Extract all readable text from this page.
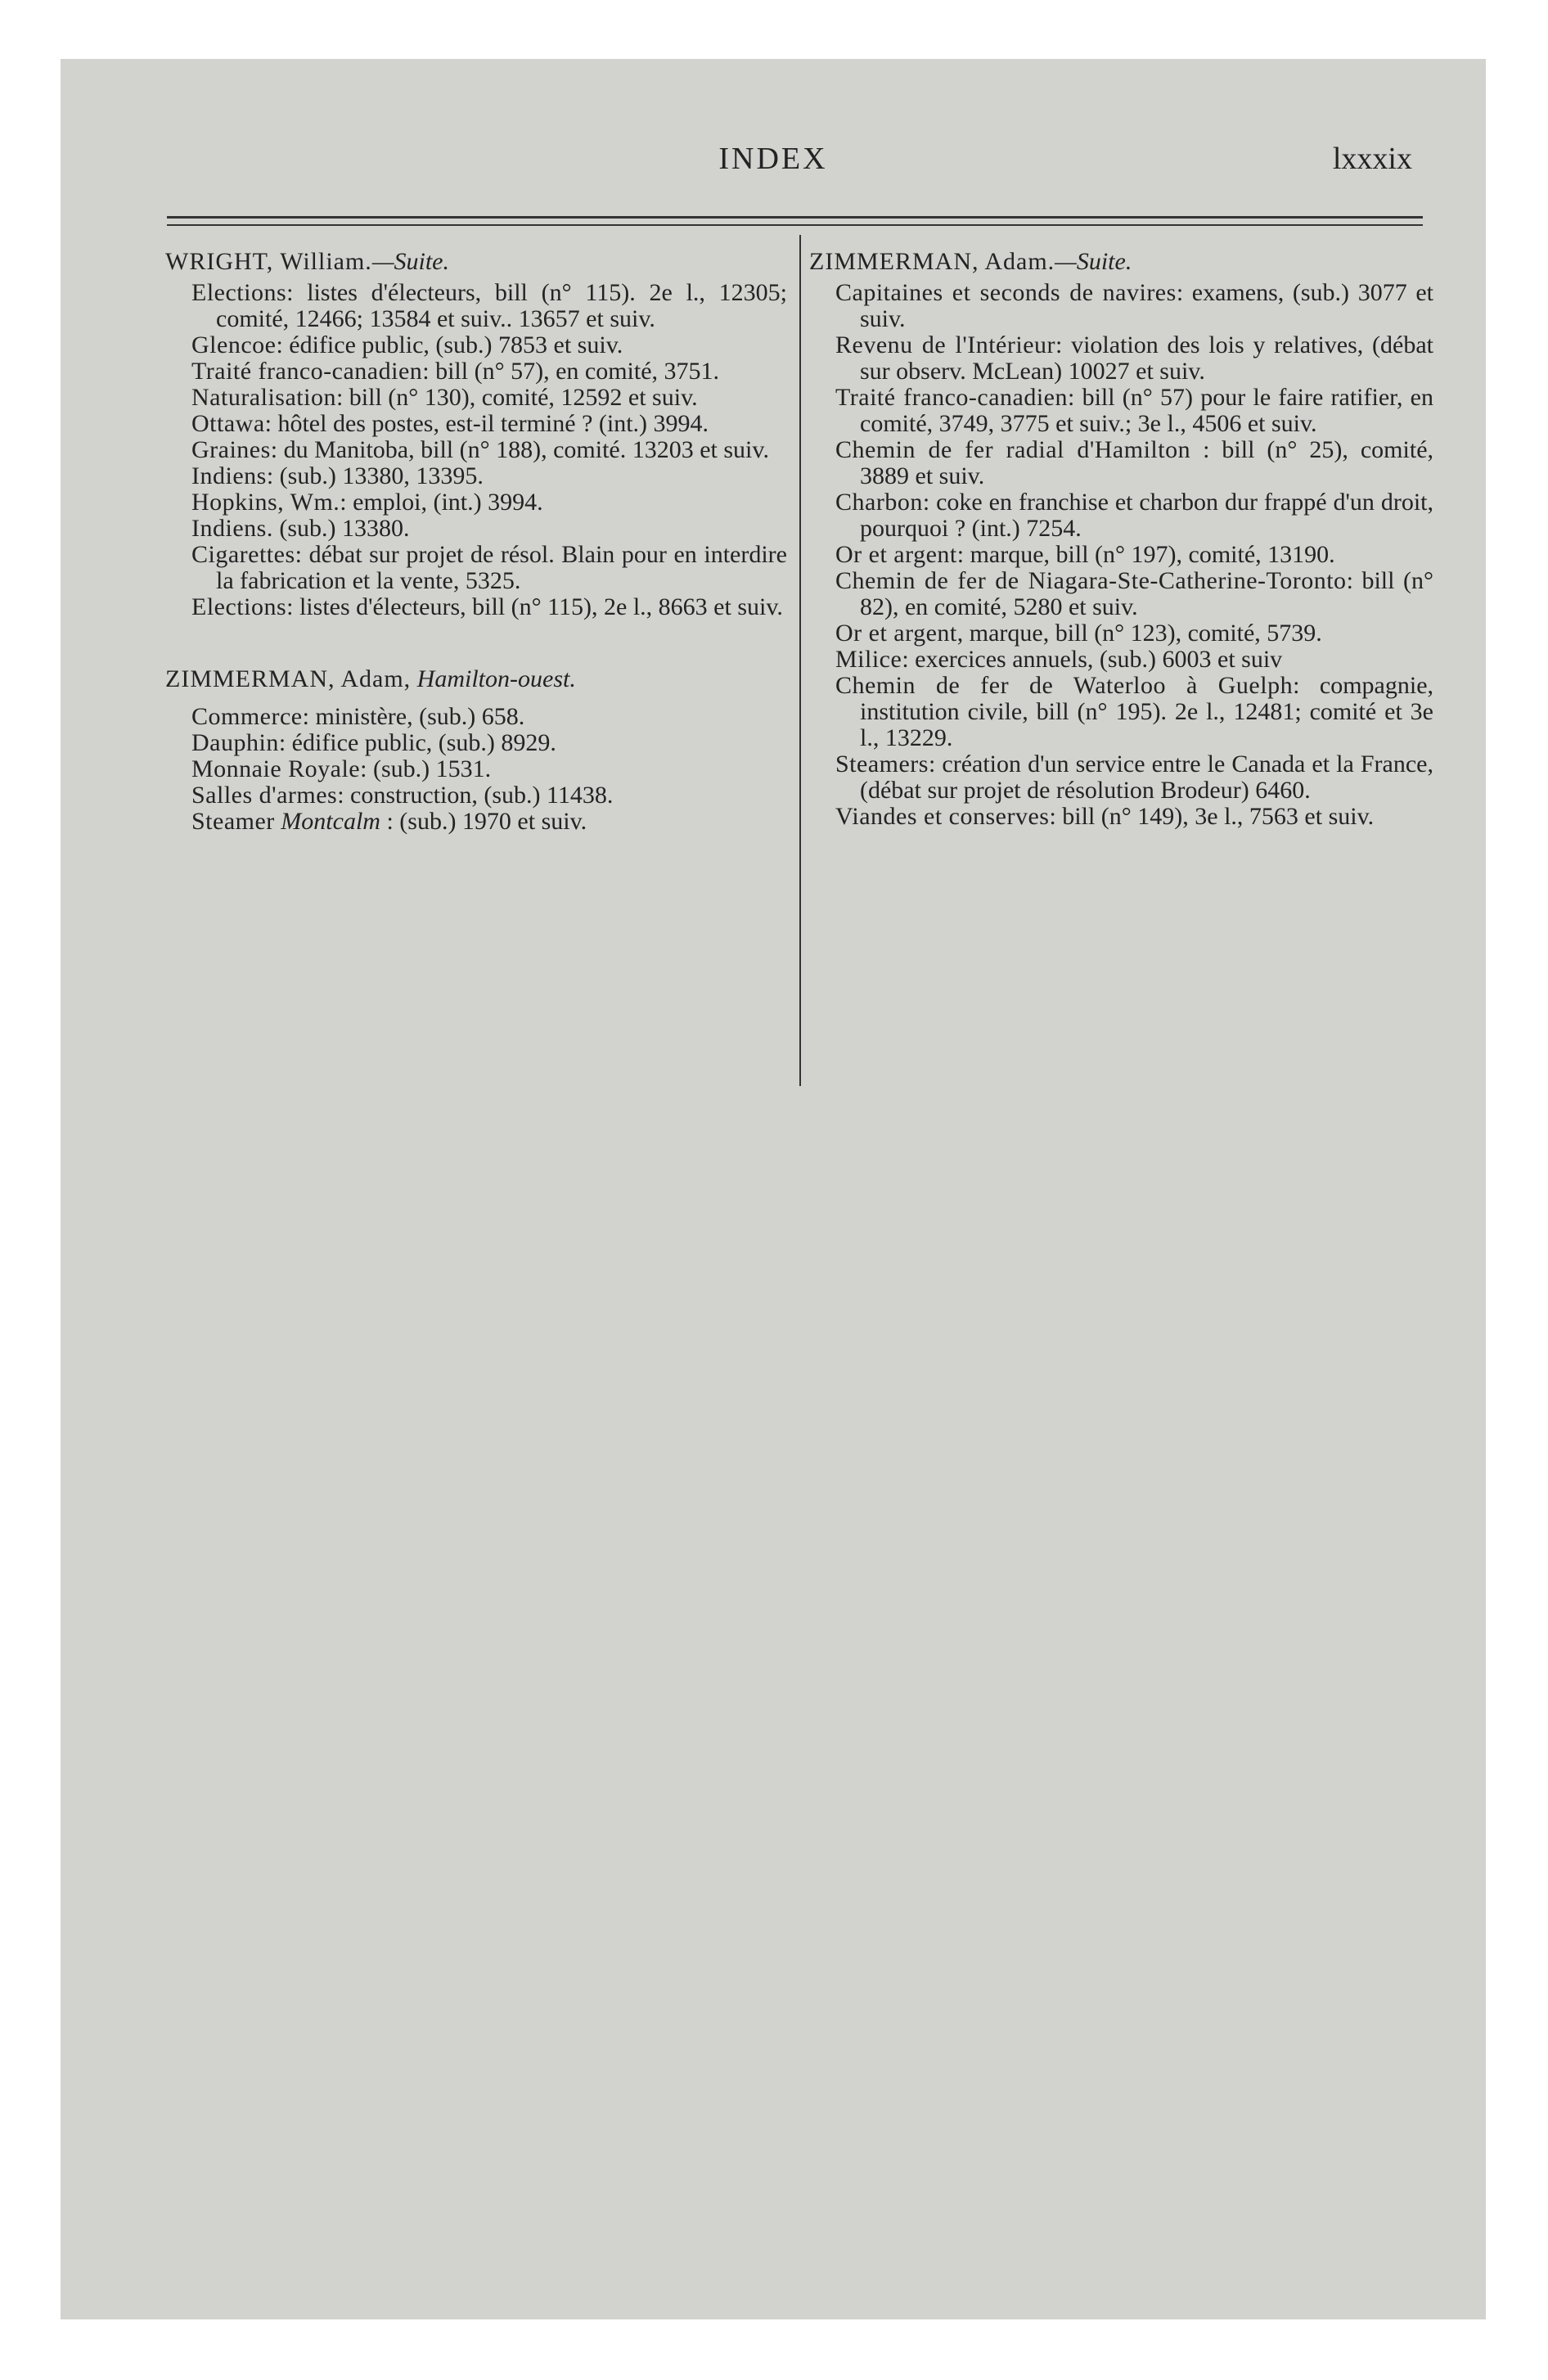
INDEX	lxxxix

WRIGHT, William.—Suite.

Elections: listes d'électeurs, bill (n° 115). 2e l., 12305; comité, 12466; 13584 et suiv.. 13657 et suiv.

Glencoe: édifice public, (sub.) 7853 et suiv.

Traité franco-canadien: bill (n° 57), en comité, 3751.

Naturalisation: bill (n° 130), comité, 12592 et suiv.

Ottawa: hôtel des postes, est-il terminé ? (int.) 3994.

Graines: du Manitoba, bill (n° 188), comité. 13203 et suiv.

Indiens: (sub.) 13380, 13395.

Hopkins, Wm.: emploi, (int.) 3994.

Indiens. (sub.) 13380.

Cigarettes: débat sur projet de résol. Blain pour en interdire la fabrication et la vente, 5325.

Elections: listes d'électeurs, bill (n° 115), 2e l., 8663 et suiv.

ZIMMERMAN, Adam, Hamilton-ouest.

Commerce: ministère, (sub.) 658.

Dauphin: édifice public, (sub.) 8929.

Monnaie Royale: (sub.) 1531.

Salles d'armes: construction, (sub.) 11438.

Steamer Montcalm : (sub.) 1970 et suiv.

ZIMMERMAN, Adam.—Suite.

Capitaines et seconds de navires: examens, (sub.) 3077 et suiv.

Revenu de l'Intérieur: violation des lois y relatives, (débat sur observ. McLean) 10027 et suiv.

Traité franco-canadien: bill (n° 57) pour le faire ratifier, en comité, 3749, 3775 et suiv.; 3e l., 4506 et suiv.

Chemin de fer radial d'Hamilton : bill (n° 25), comité, 3889 et suiv.

Charbon: coke en franchise et charbon dur frappé d'un droit, pourquoi ? (int.) 7254.

Or et argent: marque, bill (n° 197), comité, 13190.

Chemin de fer de Niagara-Ste-Catherine-Toronto: bill (n° 82), en comité, 5280 et suiv.

Or et argent, marque, bill (n° 123), comité, 5739.

Milice: exercices annuels, (sub.) 6003 et suiv

Chemin de fer de Waterloo à Guelph: compagnie, institution civile, bill (n° 195). 2e l., 12481; comité et 3e l., 13229.

Steamers: création d'un service entre le Canada et la France, (débat sur projet de résolution Brodeur) 6460.

Viandes et conserves: bill (n° 149), 3e l., 7563 et suiv.
